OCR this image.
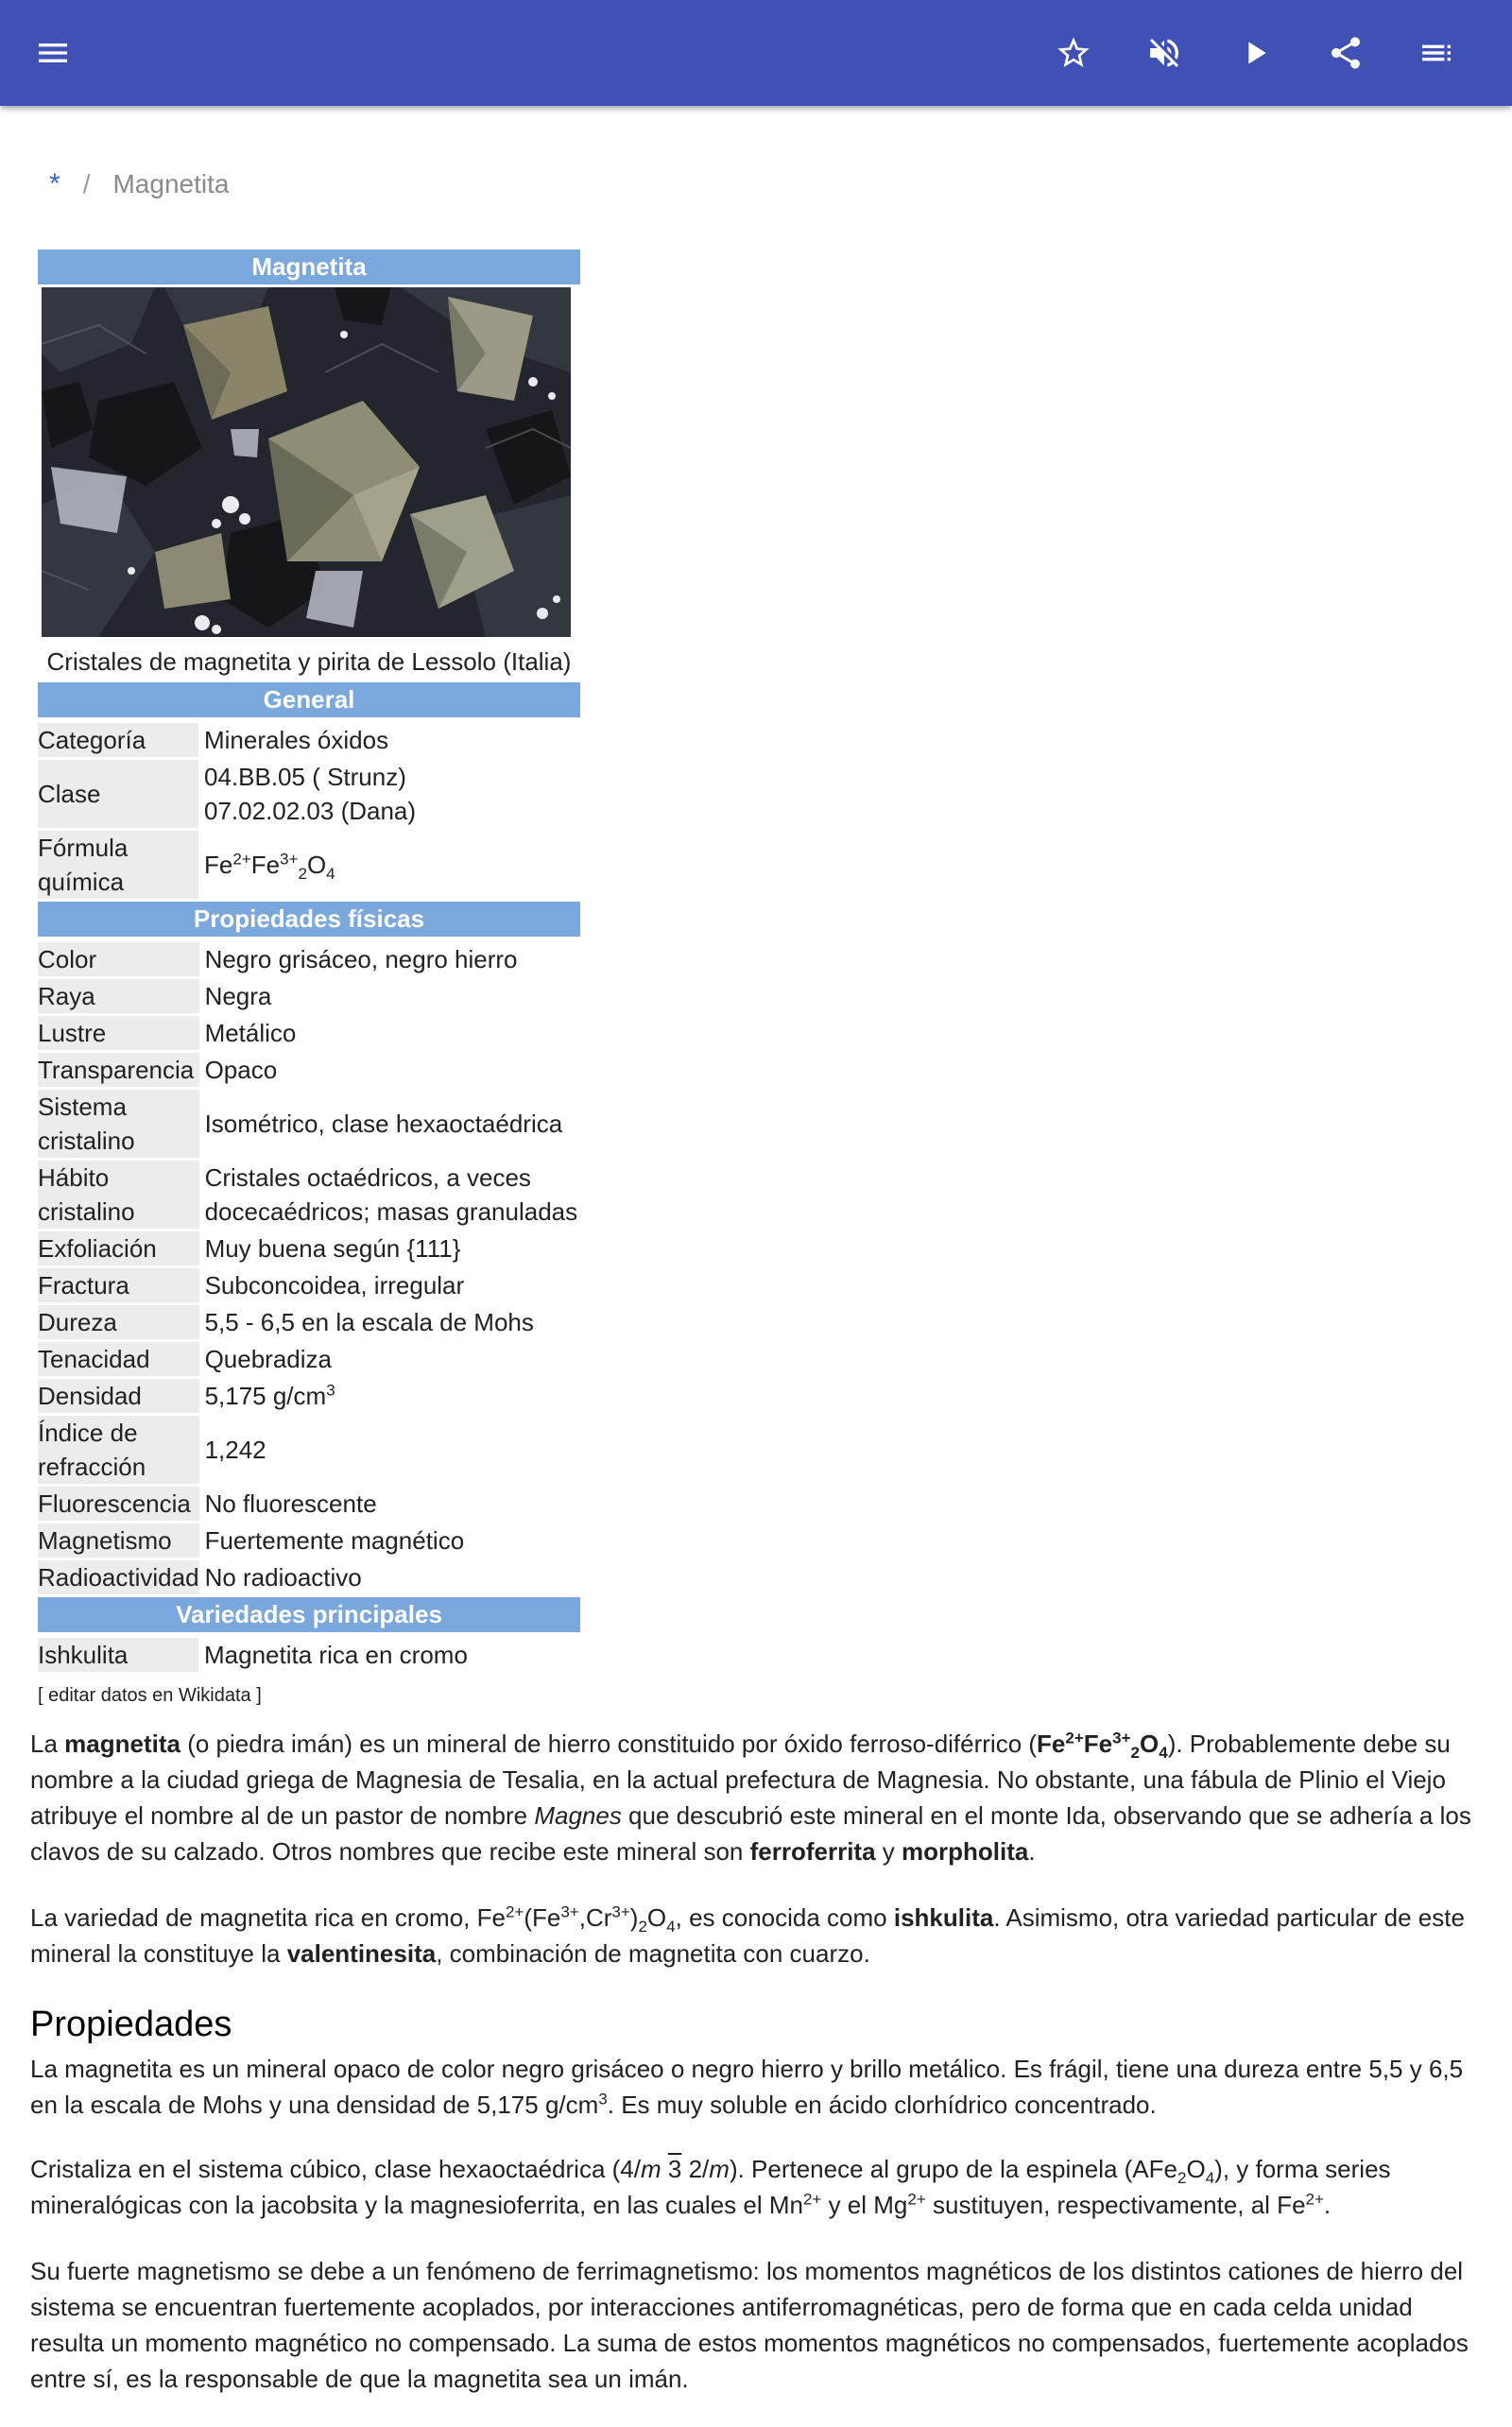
* / Magnetita
Magnetita
Cristales de magnetita y pirita de Lessolo (Italia)
General
Categoría	Minerales óxidos
Clase	04.BB.05 ( Strunz)
07.02.02.03 (Dana)

Fórmula química	$Fe^{2+}Fe^{3+}_2O_4$
Propiedades físicas
Color	Negro grisáceo, negro hierro
Raya	Negra
Lustre	Metálico
Transparencia	Opaco
Sistema cristalino	Isométrico, clase hexaoctaédrica
Hábito cristalino	Cristales octaédricos, a veces docecaédricos; masas granuladas
Exfoliación	Muy buena según {111}
Fractura	Subconcoidea, irregular
Dureza	5,5 - 6,5 en la escala de Mohs
Tenacidad	Quebradiza
Densidad	5,175 $g/cm^3$
Índice de refracción	1,242
Fluorescencia	No fluorescente
Magnetismo	Fuertemente magnético
Radioactividad	No radioactivo
Variedades principales
Ishkulita	Magnetita rica en cromo
[ editar datos en Wikidata ]

La magnetita (o piedra imán) es un mineral de hierro constituido por óxido ferroso-diférrico $(Fe^{2+}Fe^{3+}_2O_4)$. Probablemente debe su nombre a la ciudad griega de Magnesia de Tesalia, en la actual prefectura de Magnesia. No obstante, una fábula de Plinio el Viejo atribuye el nombre al de un pastor de nombre Magnes que descubrió este mineral en el monte Ida, observando que se adhería a los clavos de su calzado. Otros nombres que recibe este mineral son ferroferrita y morpholita.

La variedad de magnetita rica en cromo, $Fe^{2+}(Fe^{3+},Cr^{3+})_2O_4$, es conocida como ishkulita. Asimismo, otra variedad particular de este mineral la constituye la valentinesita, combinación de magnetita con cuarzo.

Propiedades

La magnetita es un mineral opaco de color negro grisáceo o negro hierro y brillo metálico. Es frágil, tiene una dureza entre 5,5 y 6,5 en la escala de Mohs y una densidad de 5,175 $g/cm^3$. Es muy soluble en ácido clorhídrico concentrado.

Cristaliza en el sistema cúbico, clase hexaoctaédrica (4/m 3 2/m). Pertenece al grupo de la espinela $(AFe_2O_4)$, y forma series mineralógicas con la jacobsita y la magnesioferrita, en las cuales el $Mn^{2+}$ y el $Mg^{2+}$ sustituyen, respectivamente, al $Fe^{2+}$.

Su fuerte magnetismo se debe a un fenómeno de ferrimagnetismo: los momentos magnéticos de los distintos cationes de hierro del sistema se encuentran fuertemente acoplados, por interacciones antiferromagnéticas, pero de forma que en cada celda unidad resulta un momento magnético no compensado. La suma de estos momentos magnéticos no compensados, fuertemente acoplados entre sí, es la responsable de que la magnetita sea un imán.
